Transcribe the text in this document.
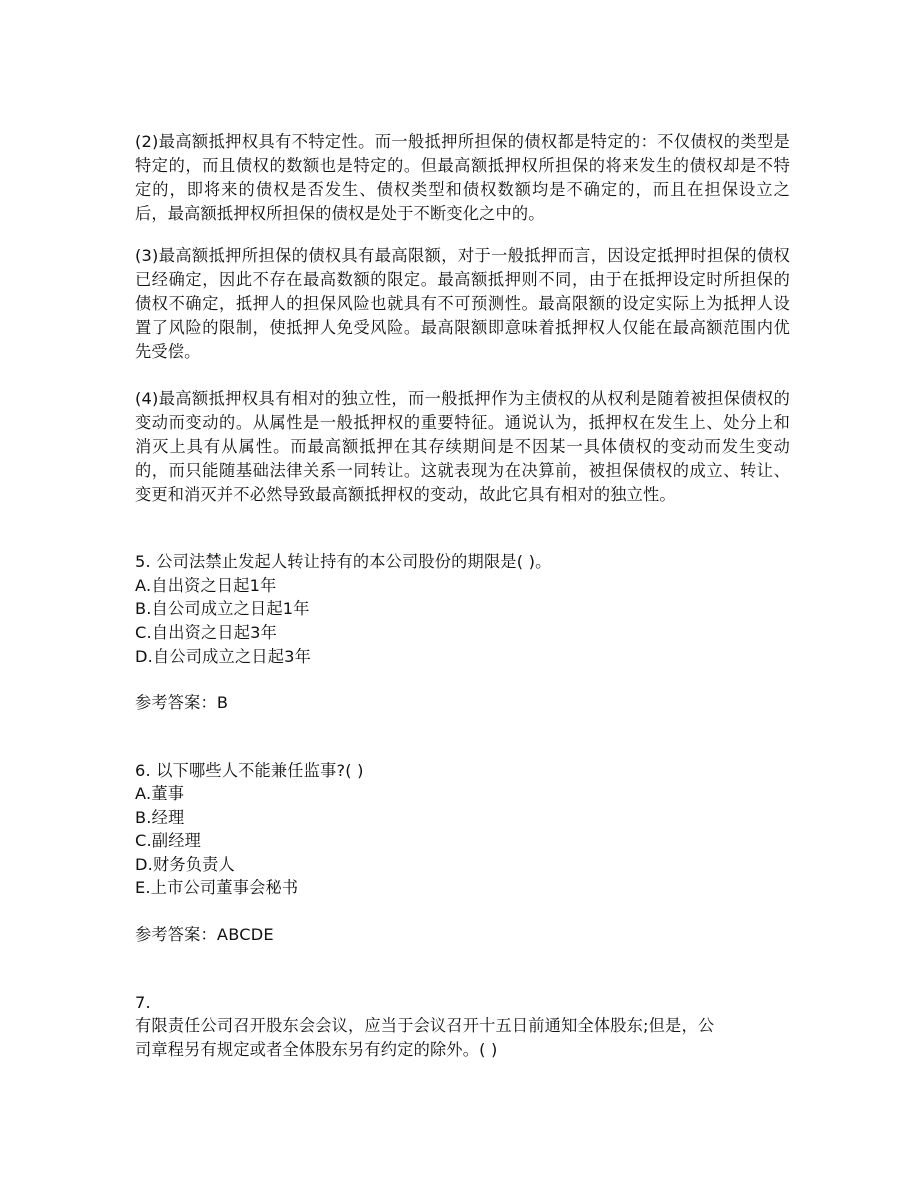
(2)最高额抵押权具有不特定性。而一般抵押所担保的债权都是特定的：不仅债权的类型是特定的，而且债权的数额也是特定的。但最高额抵押权所担保的将来发生的债权却是不特定的，即将来的债权是否发生、债权类型和债权数额均是不确定的，而且在担保设立之后，最高额抵押权所担保的债权是处于不断变化之中的。

(3)最高额抵押所担保的债权具有最高限额，对于一般抵押而言，因设定抵押时担保的债权已经确定，因此不存在最高数额的限定。最高额抵押则不同，由于在抵押设定时所担保的债权不确定，抵押人的担保风险也就具有不可预测性。最高限额的设定实际上为抵押人设置了风险的限制，使抵押人免受风险。最高限额即意味着抵押权人仅能在最高额范围内优先受偿。

(4)最高额抵押权具有相对的独立性，而一般抵押作为主债权的从权利是随着被担保债权的变动而变动的。从属性是一般抵押权的重要特征。通说认为，抵押权在发生上、处分上和消灭上具有从属性。而最高额抵押在其存续期间是不因某一具体债权的变动而发生变动的，而只能随基础法律关系一同转让。这就表现为在决算前，被担保债权的成立、转让、变更和消灭并不必然导致最高额抵押权的变动，故此它具有相对的独立性。

5. 公司法禁止发起人转让持有的本公司股份的期限是( )。

A.自出资之日起1年

B.自公司成立之日起1年

C.自出资之日起3年

D.自公司成立之日起3年

参考答案：B

6. 以下哪些人不能兼任监事?( )

A.董事

B.经理

C.副经理

D.财务负责人

E.上市公司董事会秘书

参考答案：ABCDE

7.

有限责任公司召开股东会会议，应当于会议召开十五日前通知全体股东;但是，公

司章程另有规定或者全体股东另有约定的除外。( )
